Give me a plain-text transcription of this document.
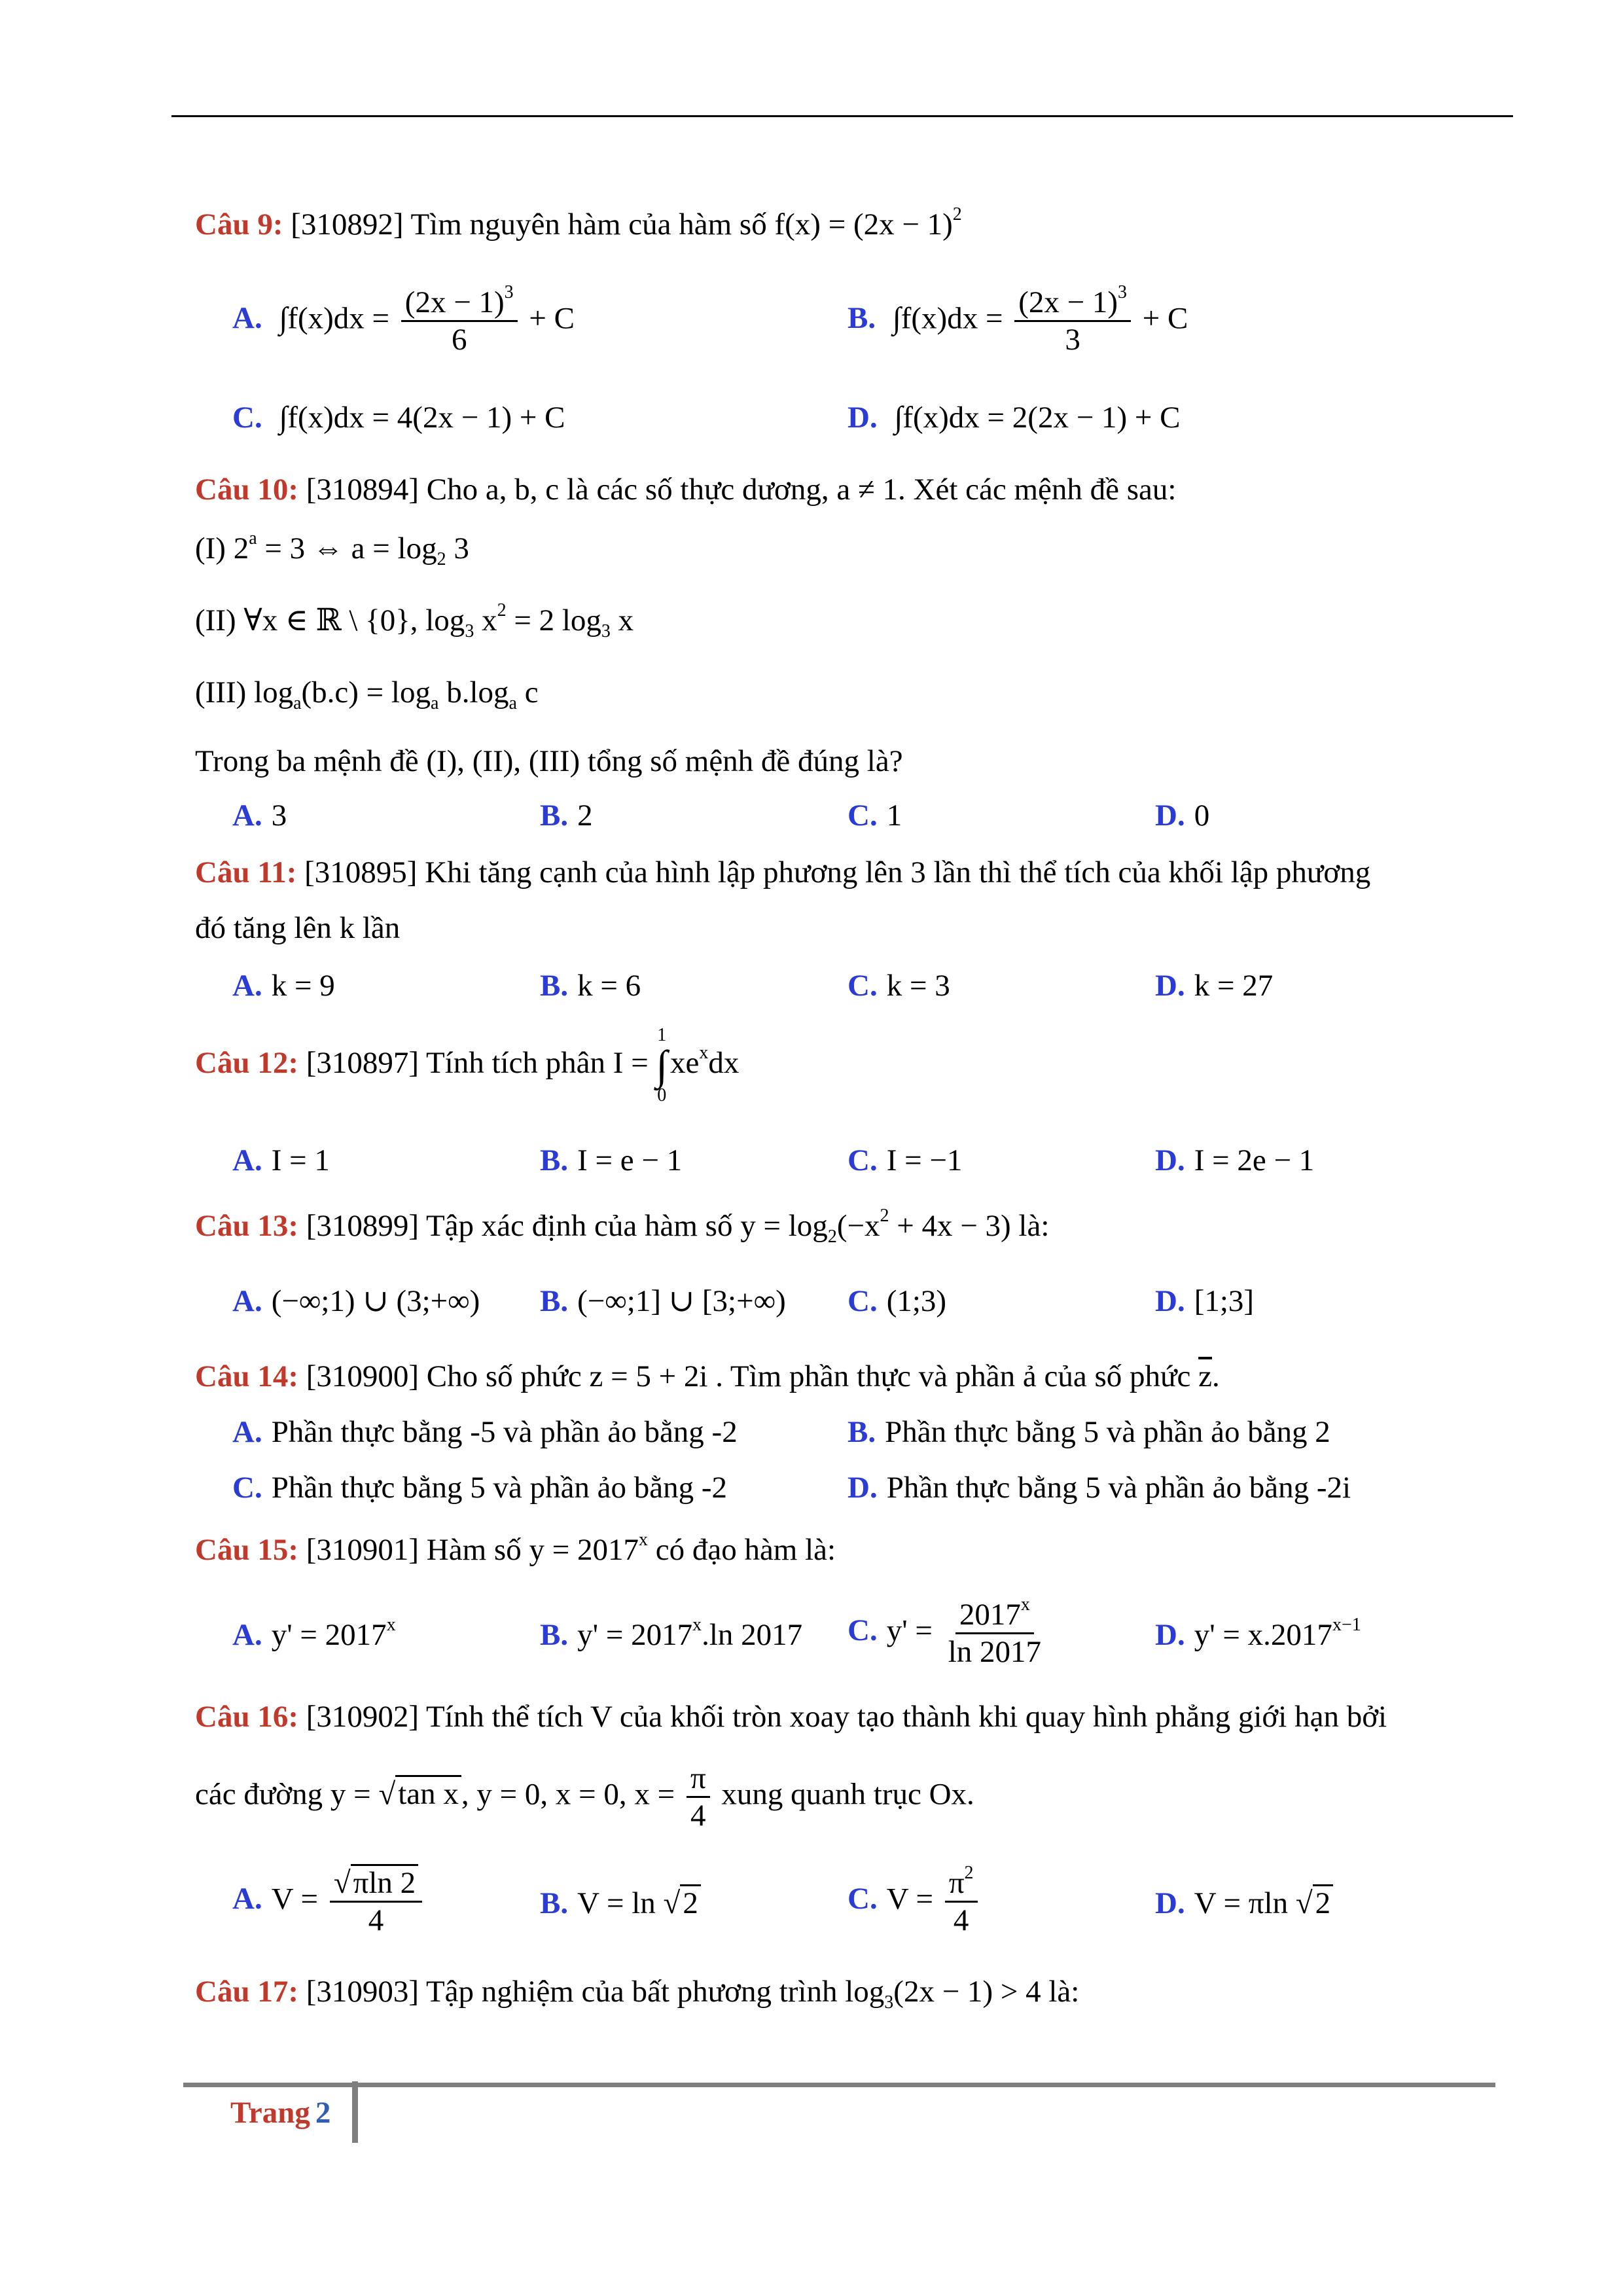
Câu 9: [310892] Tìm nguyên hàm của hàm số $f(x) = (2x - 1)^2$
A. $\int f(x)dx = \frac{(2x - 1)^3}{6} + C$	B. $\int f(x)dx = \frac{(2x - 1)^3}{3} + C$
C. ∫f(x)dx = 4(2x − 1) + C	D. ∫f(x)dx = 2(2x − 1) + C
Câu 10: [310894] Cho a, b, c là các số thực dương, a ≠ 1. Xét các mệnh đề sau:
(I) $2^a = 3$ ⇔ $a = \log_2 3$
(II) ∀x ∈ ℝ \ {0}, $\log_3 x^2 = 2$ $\log_3 x$
(III) $\log_a(b.c) = \log_a b.\log_a$ c
Trong ba mệnh đề (I), (II), (III) tổng số mệnh đề đúng là?
A. 3	B. 2	C. 1	D. 0
Câu 11: [310895] Khi tăng cạnh của hình lập phương lên 3 lần thì thể tích của khối lập phương
đó tăng lên k lần
A. k = 9	B. k = 6	C. k = 3	D. k = 27
Câu 12: [310897] Tính tích phân I =
1
∫
0
$xe^xdx$
A. I = 1	B. I = e − 1	C. I = −1	D. I = 2e − 1
Câu 13: [310899] Tập xác định của hàm số $y = \log_2(-x^2 + 4x - 3)$ là:
A. (−∞;1) ∪ (3;+∞) B. (−∞;1] ∪ [3;+∞) C. (1;3)	D. [1;3]
Câu 14: [310900] Cho số phức z = 5 + 2i . Tìm phần thực và phần ả của số phức $\overline{z}$.
A. Phần thực bằng -5 và phần ảo bằng -2	B. Phần thực bằng 5 và phần ảo bằng 2
C. Phần thực bằng 5 và phần ảo bằng -2	D. Phần thực bằng 5 và phần ảo bằng -2i
Câu 15: [310901] Hàm số $y = 2017^x$ có đạo hàm là:
A. $y' = 2017^x$	B. $y' = 2017^x.\ln$ 2017 C. $y' = \frac{2017^x}{\ln 2017}$	D. $y' = x.2017^{x-1}$
Câu 16: [310902] Tính thể tích V của khối tròn xoay tạo thành khi quay hình phẳng giới hạn bởi
các đường y = √tan x, y = 0, x = 0, $x = \frac{\pi}{4}$ xung quanh trục Ox.
A. $V = \frac{√\pi\ln 2}{4}$	B. V = ln √2	C. $V = \frac{\pi^2}{4}$	D. V = πln √2
Câu 17: [310903] Tập nghiệm của bất phương trình $\log_3(2x - 1) > 4$ là:
Trang 2
